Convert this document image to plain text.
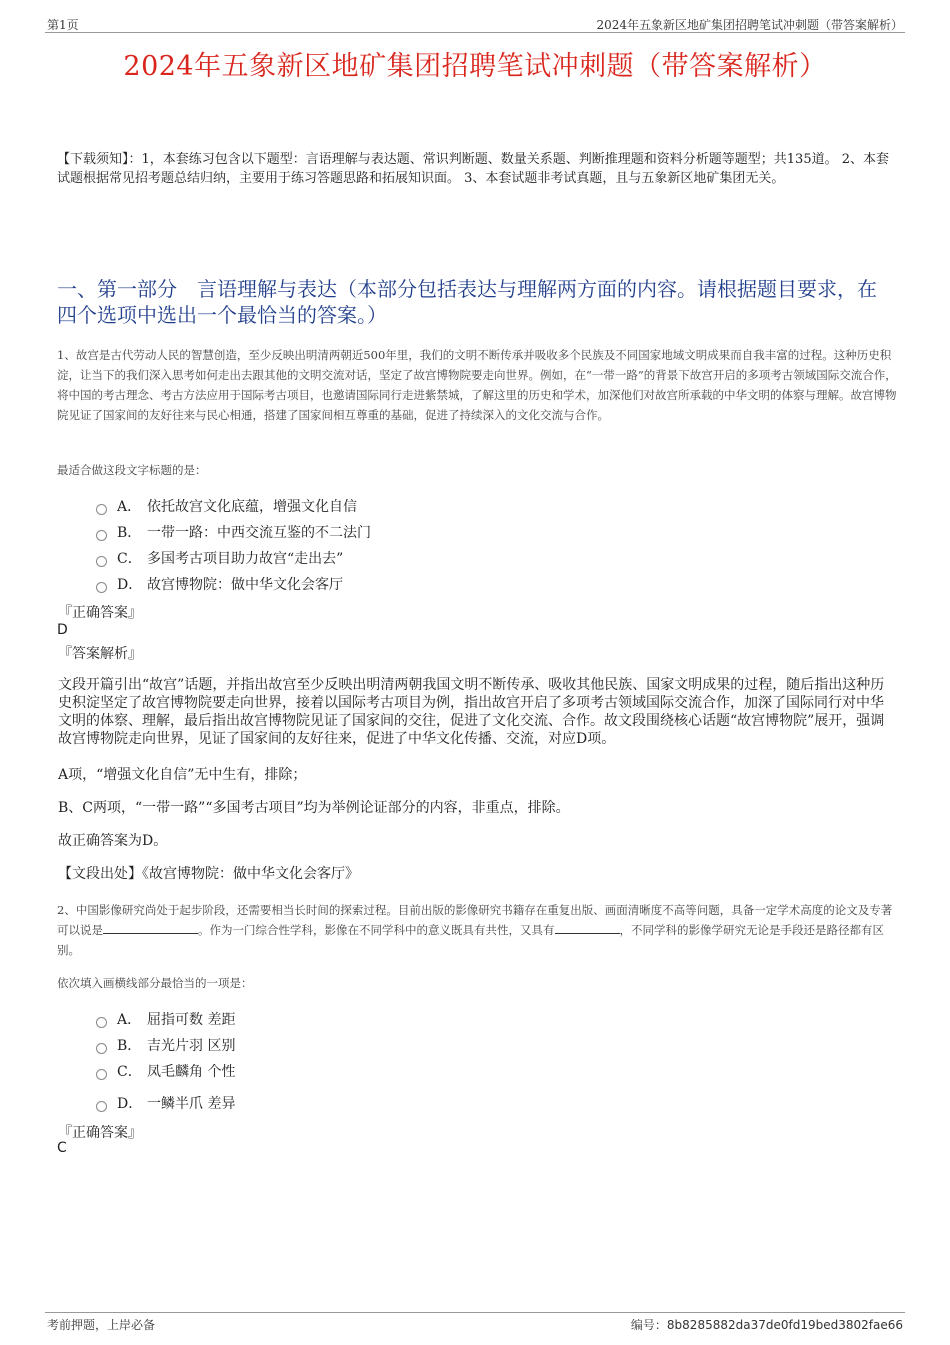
第1页	2024年五象新区地矿集团招聘笔试冲刺题（带答案解析）
2024年五象新区地矿集团招聘笔试冲刺题（带答案解析）
【下载须知】：1，本套练习包含以下题型：言语理解与表达题、常识判断题、数量关系题、判断推理题和资料分析题等题型；共135道。 2、本套试题根据常见招考题总结归纳，主要用于练习答题思路和拓展知识面。 3、本套试题非考试真题，且与五象新区地矿集团无关。
一、第一部分　言语理解与表达（本部分包括表达与理解两方面的内容。请根据题目要求，在四个选项中选出一个最恰当的答案。）
1、故宫是古代劳动人民的智慧创造，至少反映出明清两朝近500年里，我们的文明不断传承并吸收多个民族及不同国家地域文明成果而自我丰富的过程。这种历史积淀，让当下的我们深入思考如何走出去跟其他的文明交流对话，坚定了故宫博物院要走向世界。例如，在“一带一路”的背景下故宫开启的多项考古领域国际交流合作，将中国的考古理念、考古方法应用于国际考古项目，也邀请国际同行走进紫禁城，了解这里的历史和学术，加深他们对故宫所承载的中华文明的体察与理解。故宫博物院见证了国家间的友好往来与民心相通，搭建了国家间相互尊重的基础，促进了持续深入的文化交流与合作。
最适合做这段文字标题的是：
A． 依托故宫文化底蕴，增强文化自信
B． 一带一路：中西交流互鉴的不二法门
C． 多国考古项目助力故宫“走出去”
D． 故宫博物院：做中华文化会客厅
『正确答案』
D
『答案解析』
文段开篇引出“故宫”话题，并指出故宫至少反映出明清两朝我国文明不断传承、吸收其他民族、国家文明成果的过程，随后指出这种历史积淀坚定了故宫博物院要走向世界，接着以国际考古项目为例，指出故宫开启了多项考古领域国际交流合作，加深了国际同行对中华文明的体察、理解，最后指出故宫博物院见证了国家间的交往，促进了文化交流、合作。故文段围绕核心话题“故宫博物院”展开，强调故宫博物院走向世界，见证了国家间的友好往来，促进了中华文化传播、交流，对应D项。
A项，“增强文化自信”无中生有，排除；
B、C两项，“一带一路”“多国考古项目”均为举例论证部分的内容，非重点，排除。
故正确答案为D。
【文段出处】《故宫博物院：做中华文化会客厅》
2、中国影像研究尚处于起步阶段，还需要相当长时间的探索过程。目前出版的影像研究书籍存在重复出版、画面清晰度不高等问题，具备一定学术高度的论文及专著可以说是	。作为一门综合性学科，影像在不同学科中的意义既具有共性，又具有	，不同学科的影像学研究无论是手段还是路径都有区别。
依次填入画横线部分最恰当的一项是：
A． 屈指可数 差距
B． 吉光片羽 区别
C． 凤毛麟角 个性
D． 一鳞半爪 差异
『正确答案』
C
考前押题，上岸必备	编号：8b8285882da37de0fd19bed3802fae66
